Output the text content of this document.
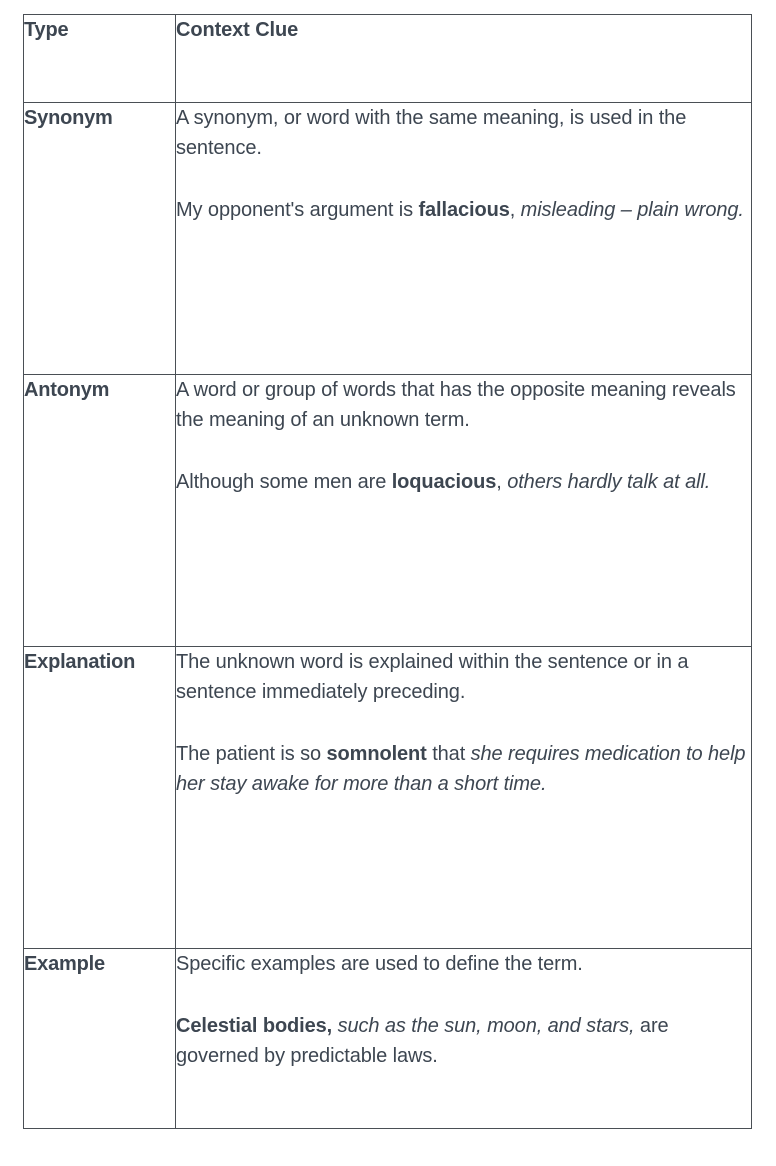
Type	Context Clue
Synonym	A synonym, or word with the same meaning, is used in the sentence.

My opponent's argument is fallacious, misleading – plain wrong.

Antonym	A word or group of words that has the opposite meaning reveals the meaning of an unknown term.

Although some men are loquacious, others hardly talk at all.

Explanation	The unknown word is explained within the sentence or in a sentence immediately preceding.

The patient is so somnolent that she requires medication to help her stay awake for more than a short time.

Example	Specific examples are used to define the term.

Celestial bodies, such as the sun, moon, and stars, are governed by predictable laws.
